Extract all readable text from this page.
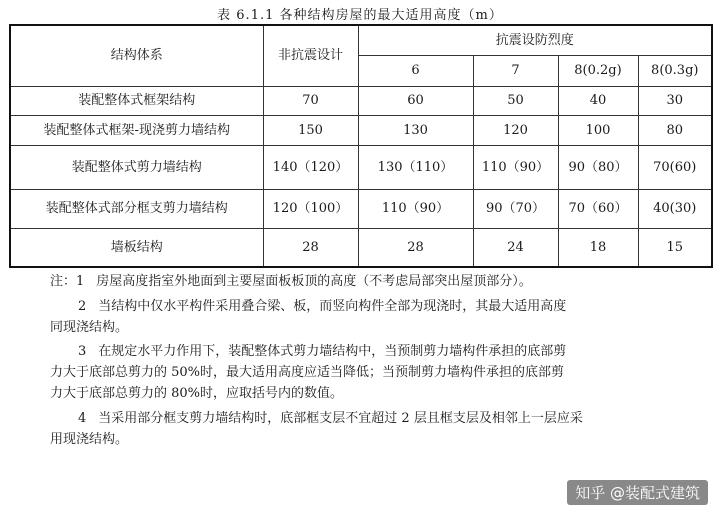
表 6.1.1 各种结构房屋的最大适用高度（m）
结构体系	非抗震设计	抗震设防烈度			
		6	7	8(0.2g)	8(0.3g)
装配整体式框架结构	70	60	50	40	30
装配整体式框架-现浇剪力墙结构	150	130	120	100	80
装配整体式剪力墙结构	140（120）	130（110）	110（90）	90（80）	70(60)
装配整体式部分框支剪力墙结构	120（100）	110（90）	90（70）	70（60）	40(30)
墙板结构	28	28	24	18	15
注：1 房屋高度指室外地面到主要屋面板板顶的高度（不考虑局部突出屋顶部分）。
2 当结构中仅水平构件采用叠合梁、板，而竖向构件全部为现浇时，其最大适用高度
同现浇结构。
3 在规定水平力作用下，装配整体式剪力墙结构中，当预制剪力墙构件承担的底部剪
力大于底部总剪力的 50%时，最大适用高度应适当降低；当预制剪力墙构件承担的底部剪
力大于底部总剪力的 80%时，应取括号内的数值。
4 当采用部分框支剪力墙结构时，底部框支层不宜超过 2 层且框支层及相邻上一层应采
用现浇结构。
知乎 @装配式建筑
